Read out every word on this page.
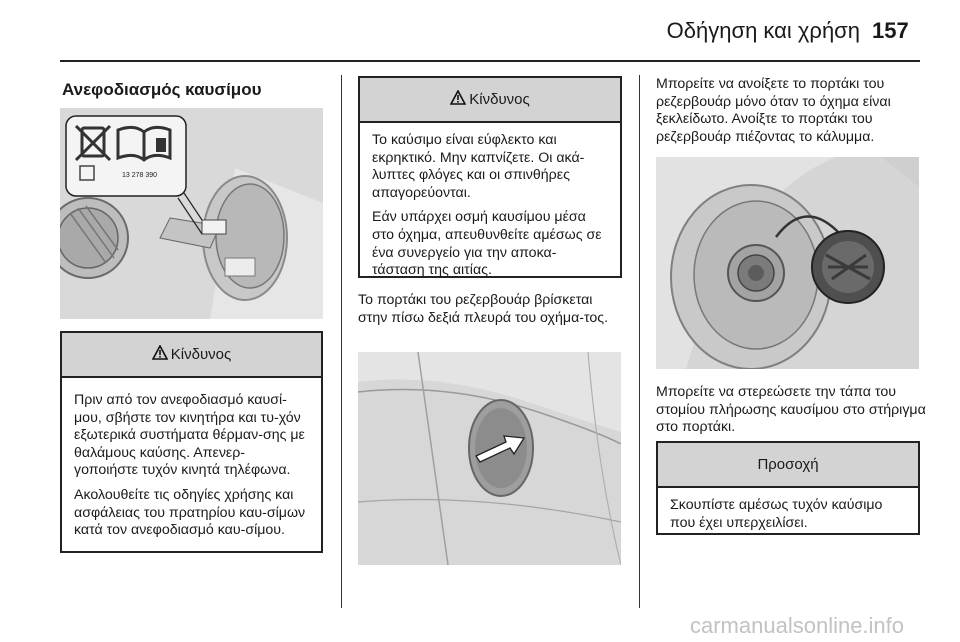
Οδήγηση και χρήση 157
Ανεφοδιασμός καυσίμου
13 278 390
Κίνδυνος

Πριν από τον ανεφοδιασμό καυσί-μου, σβήστε τον κινητήρα και τυ-χόν εξωτερικά συστήματα θέρμαν-σης με θαλάμους καύσης. Απενερ-γοποιήστε τυχόν κινητά τηλέφωνα.

Ακολουθείτε τις οδηγίες χρήσης και ασφάλειας του πρατηρίου καυ-σίμων κατά τον ανεφοδιασμό καυ-σίμου.

Κίνδυνος

Το καύσιμο είναι εύφλεκτο και εκρηκτικό. Μην καπνίζετε. Οι ακά-λυπτες φλόγες και οι σπινθήρες απαγορεύονται.

Εάν υπάρχει οσμή καυσίμου μέσα στο όχημα, απευθυνθείτε αμέσως σε ένα συνεργείο για την αποκα-τάσταση της αιτίας.

Το πορτάκι του ρεζερβουάρ βρίσκεται στην πίσω δεξιά πλευρά του οχήμα-τος.
Μπορείτε να ανοίξετε το πορτάκι του ρεζερβουάρ μόνο όταν το όχημα είναι ξεκλείδωτο. Ανοίξτε το πορτάκι του ρεζερβουάρ πιέζοντας το κάλυμμα.
Μπορείτε να στερεώσετε την τάπα του στομίου πλήρωσης καυσίμου στο στήριγμα στο πορτάκι.
Προσοχή

Σκουπίστε αμέσως τυχόν καύσιμο που έχει υπερχειλίσει.

carmanualsonline.info
